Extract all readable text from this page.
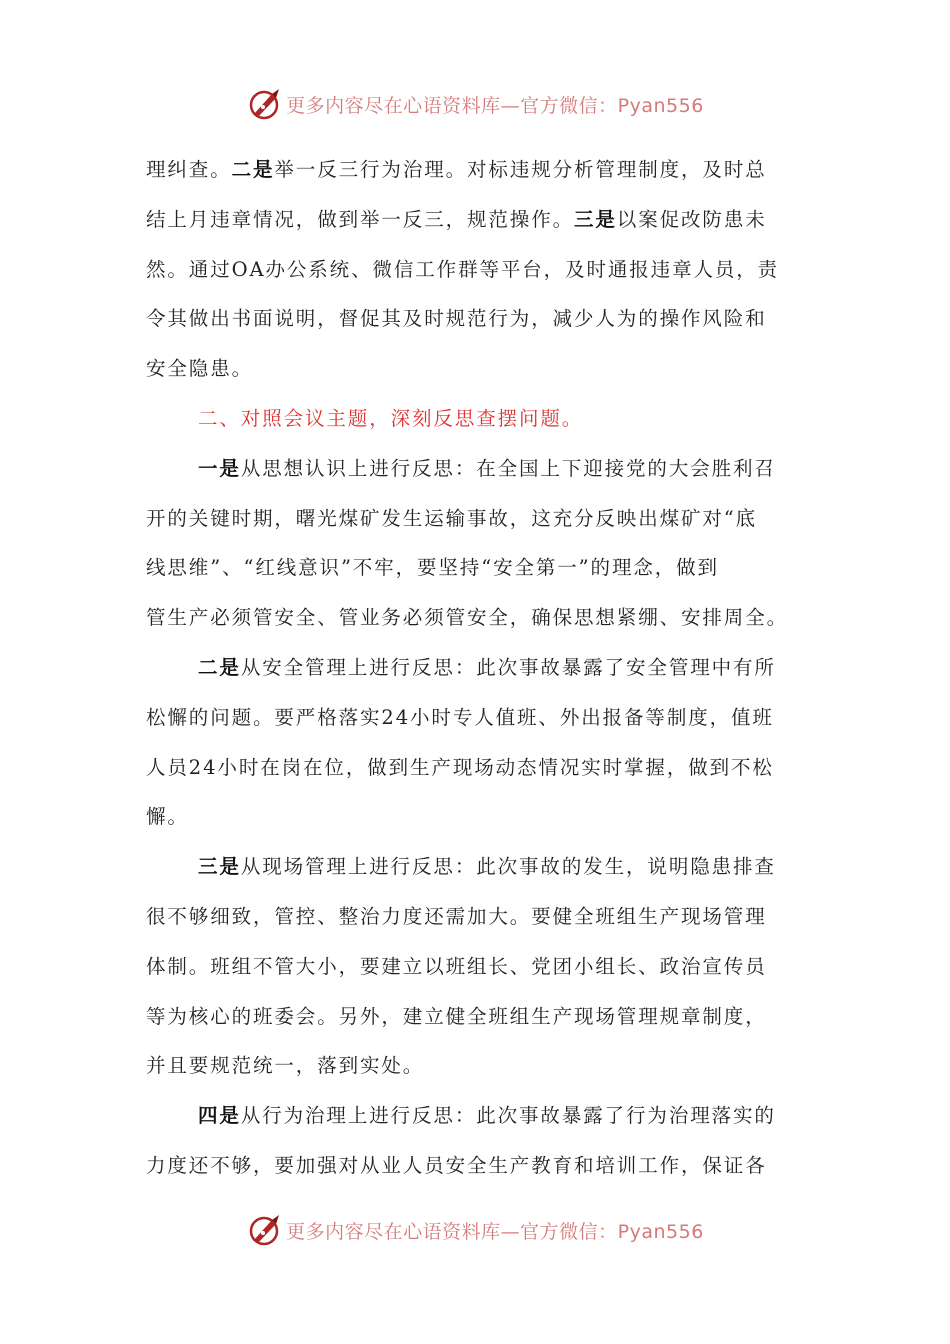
更多内容尽在心语资料库—官方微信：Pyan556
理纠查。二是举一反三行为治理。对标违规分析管理制度，及时总
结上月违章情况，做到举一反三，规范操作。三是以案促改防患未
然。通过OA办公系统、微信工作群等平台，及时通报违章人员，责
令其做出书面说明，督促其及时规范行为，减少人为的操作风险和
安全隐患。
二、对照会议主题，深刻反思查摆问题。
一是从思想认识上进行反思：在全国上下迎接党的大会胜利召
开的关键时期，曙光煤矿发生运输事故，这充分反映出煤矿对“底
线思维”、“红线意识”不牢，要坚持“安全第一”的理念，做到
管生产必须管安全、管业务必须管安全，确保思想紧绷、安排周全。
二是从安全管理上进行反思：此次事故暴露了安全管理中有所
松懈的问题。要严格落实24小时专人值班、外出报备等制度，值班
人员24小时在岗在位，做到生产现场动态情况实时掌握，做到不松
懈。
三是从现场管理上进行反思：此次事故的发生，说明隐患排查
很不够细致，管控、整治力度还需加大。要健全班组生产现场管理
体制。班组不管大小，要建立以班组长、党团小组长、政治宣传员
等为核心的班委会。另外，建立健全班组生产现场管理规章制度，
并且要规范统一，落到实处。
四是从行为治理上进行反思：此次事故暴露了行为治理落实的
力度还不够，要加强对从业人员安全生产教育和培训工作，保证各
更多内容尽在心语资料库—官方微信：Pyan556
